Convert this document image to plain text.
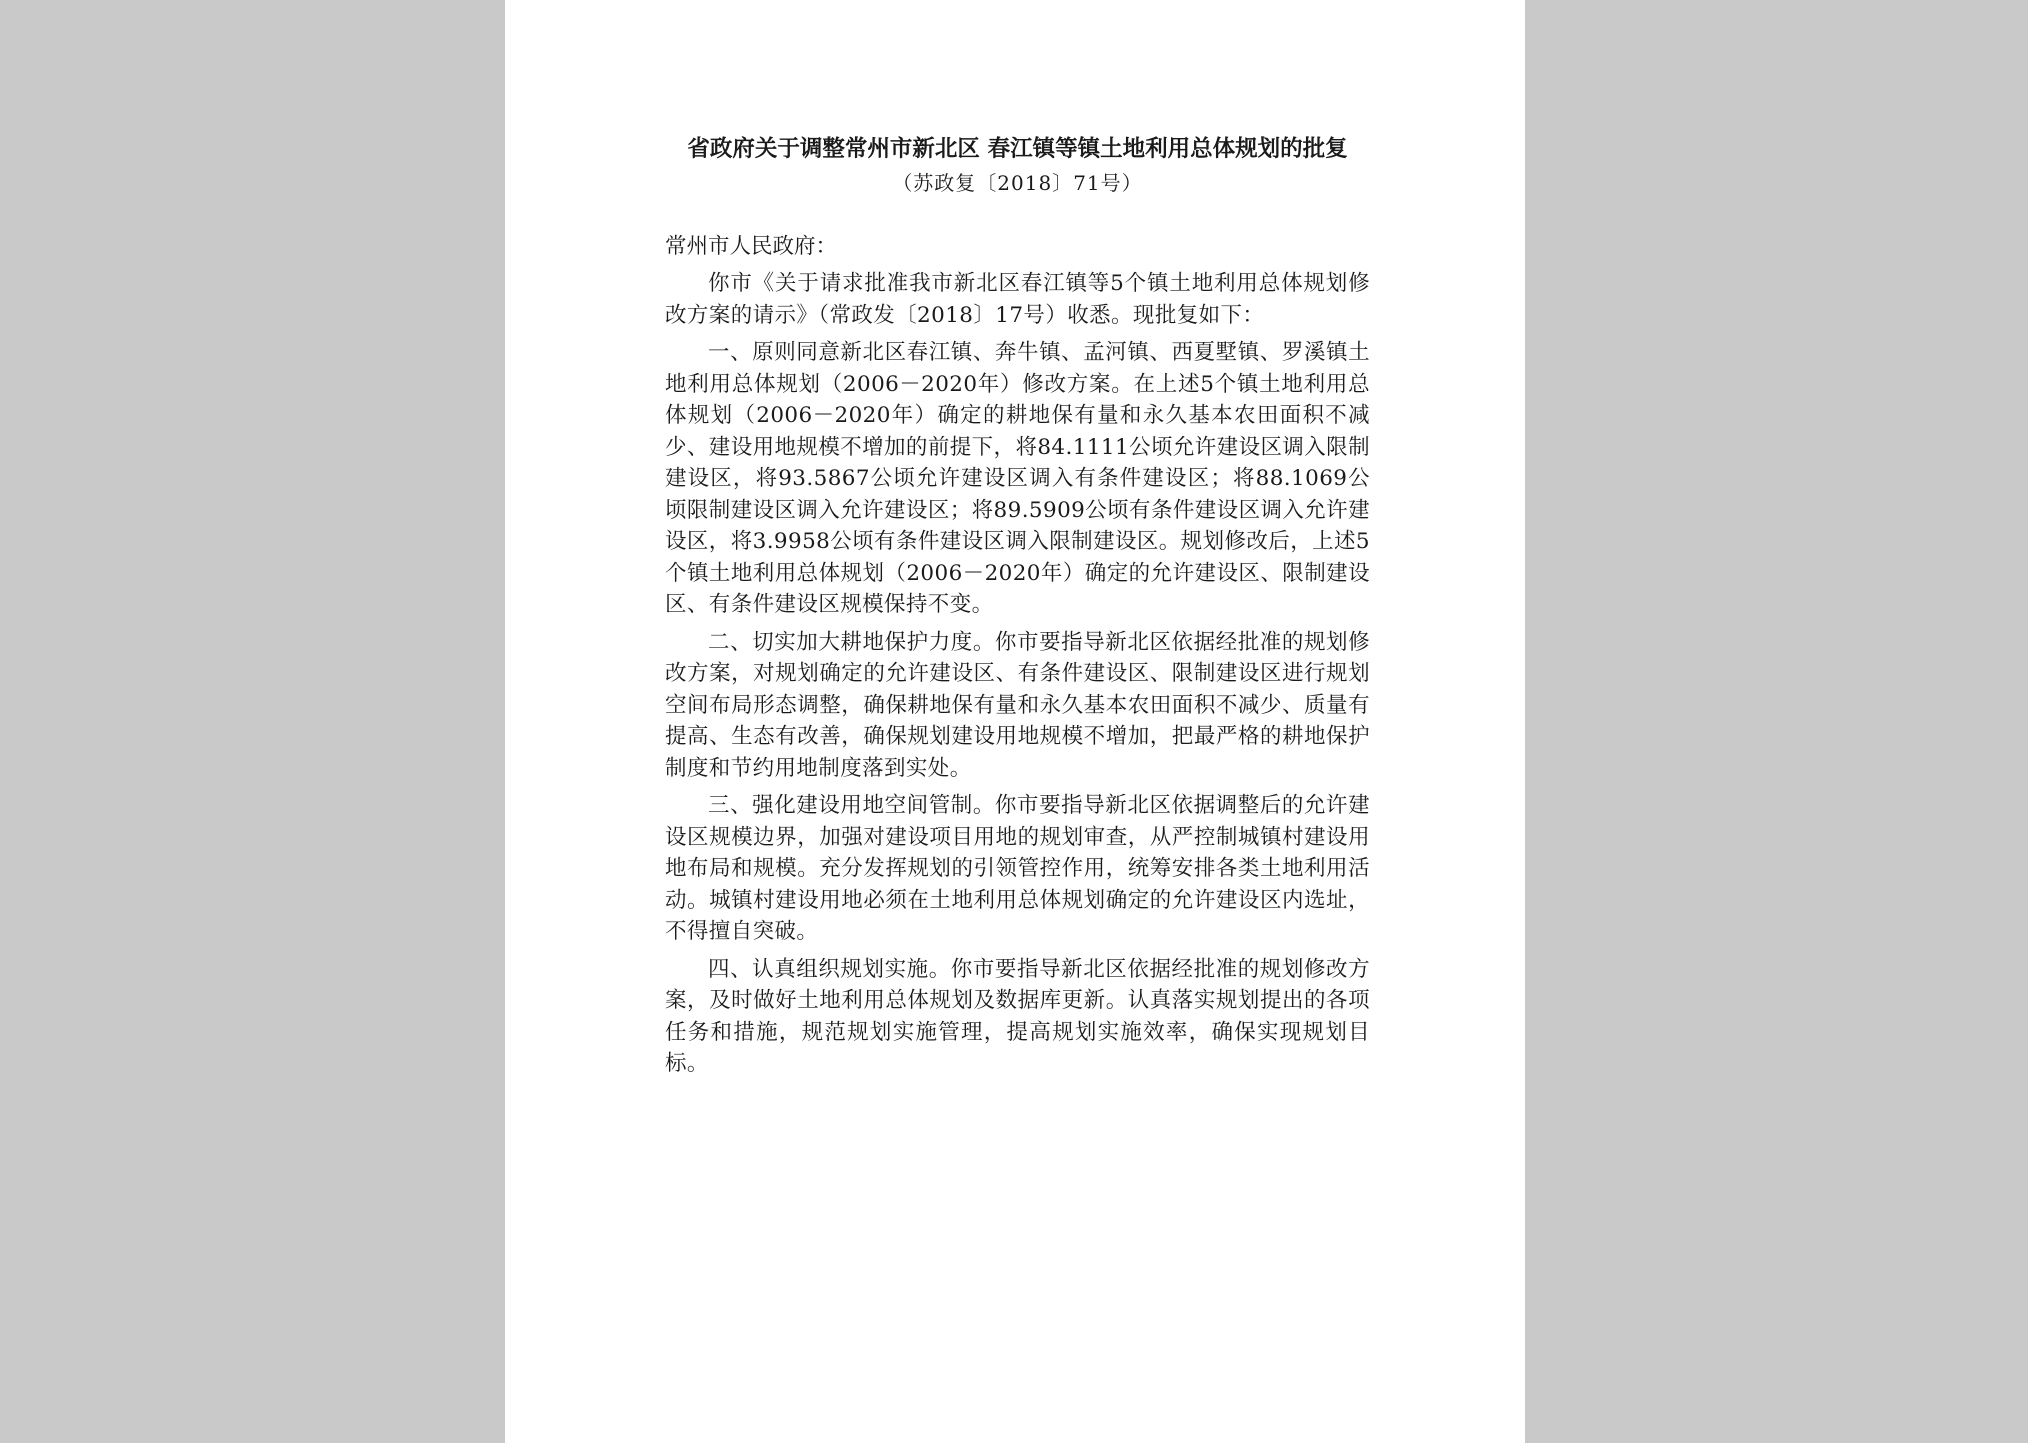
省政府关于调整常州市新北区 春江镇等镇土地利用总体规划的批复
（苏政复〔2018〕71号）
常州市人民政府：
你市《关于请求批准我市新北区春江镇等5个镇土地利用总体规划修改方案的请示》（常政发〔2018〕17号）收悉。现批复如下：
一、原则同意新北区春江镇、奔牛镇、孟河镇、西夏墅镇、罗溪镇土地利用总体规划（2006－2020年）修改方案。在上述5个镇土地利用总体规划（2006－2020年）确定的耕地保有量和永久基本农田面积不减少、建设用地规模不增加的前提下，将84.1111公顷允许建设区调入限制建设区，将93.5867公顷允许建设区调入有条件建设区；将88.1069公顷限制建设区调入允许建设区；将89.5909公顷有条件建设区调入允许建设区，将3.9958公顷有条件建设区调入限制建设区。规划修改后，上述5个镇土地利用总体规划（2006－2020年）确定的允许建设区、限制建设区、有条件建设区规模保持不变。
二、切实加大耕地保护力度。你市要指导新北区依据经批准的规划修改方案，对规划确定的允许建设区、有条件建设区、限制建设区进行规划空间布局形态调整，确保耕地保有量和永久基本农田面积不减少、质量有提高、生态有改善，确保规划建设用地规模不增加，把最严格的耕地保护制度和节约用地制度落到实处。
三、强化建设用地空间管制。你市要指导新北区依据调整后的允许建设区规模边界，加强对建设项目用地的规划审查，从严控制城镇村建设用地布局和规模。充分发挥规划的引领管控作用，统筹安排各类土地利用活动。城镇村建设用地必须在土地利用总体规划确定的允许建设区内选址，不得擅自突破。
四、认真组织规划实施。你市要指导新北区依据经批准的规划修改方案，及时做好土地利用总体规划及数据库更新。认真落实规划提出的各项任务和措施，规范规划实施管理，提高规划实施效率，确保实现规划目标。
